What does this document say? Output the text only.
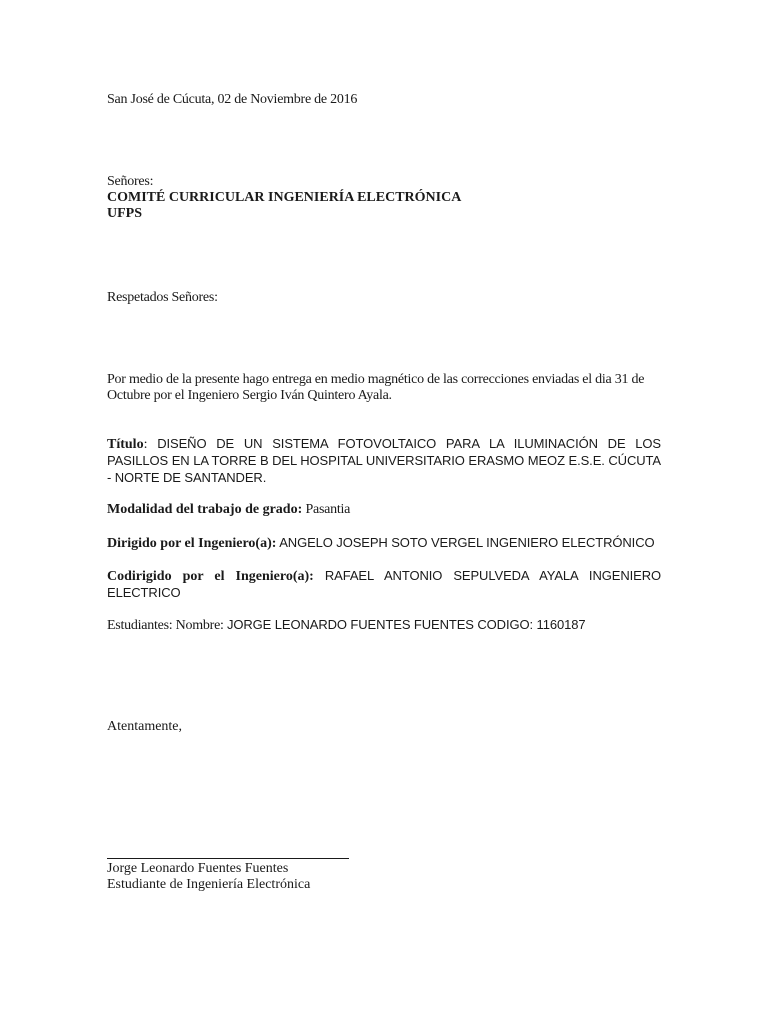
San José de Cúcuta, 02 de Noviembre de 2016

Señores:
COMITÉ CURRICULAR INGENIERÍA ELECTRÓNICA
UFPS

Respetados Señores:

Por medio de la presente hago entrega en medio magnético de las correcciones enviadas el dia 31 de Octubre por el Ingeniero Sergio Iván Quintero Ayala.

Título: DISEÑO DE UN SISTEMA FOTOVOLTAICO PARA LA ILUMINACIÓN DE LOS PASILLOS EN LA TORRE B DEL HOSPITAL UNIVERSITARIO ERASMO MEOZ E.S.E. CÚCUTA - NORTE DE SANTANDER.

Modalidad del trabajo de grado: Pasantia

Dirigido por el Ingeniero(a): ANGELO JOSEPH SOTO VERGEL INGENIERO ELECTRÓNICO

Codirigido por el Ingeniero(a): RAFAEL ANTONIO SEPULVEDA AYALA INGENIERO ELECTRICO

Estudiantes: Nombre: JORGE LEONARDO FUENTES FUENTES CODIGO: 1160187

Atentamente,

Jorge Leonardo Fuentes Fuentes
Estudiante de Ingeniería Electrónica
